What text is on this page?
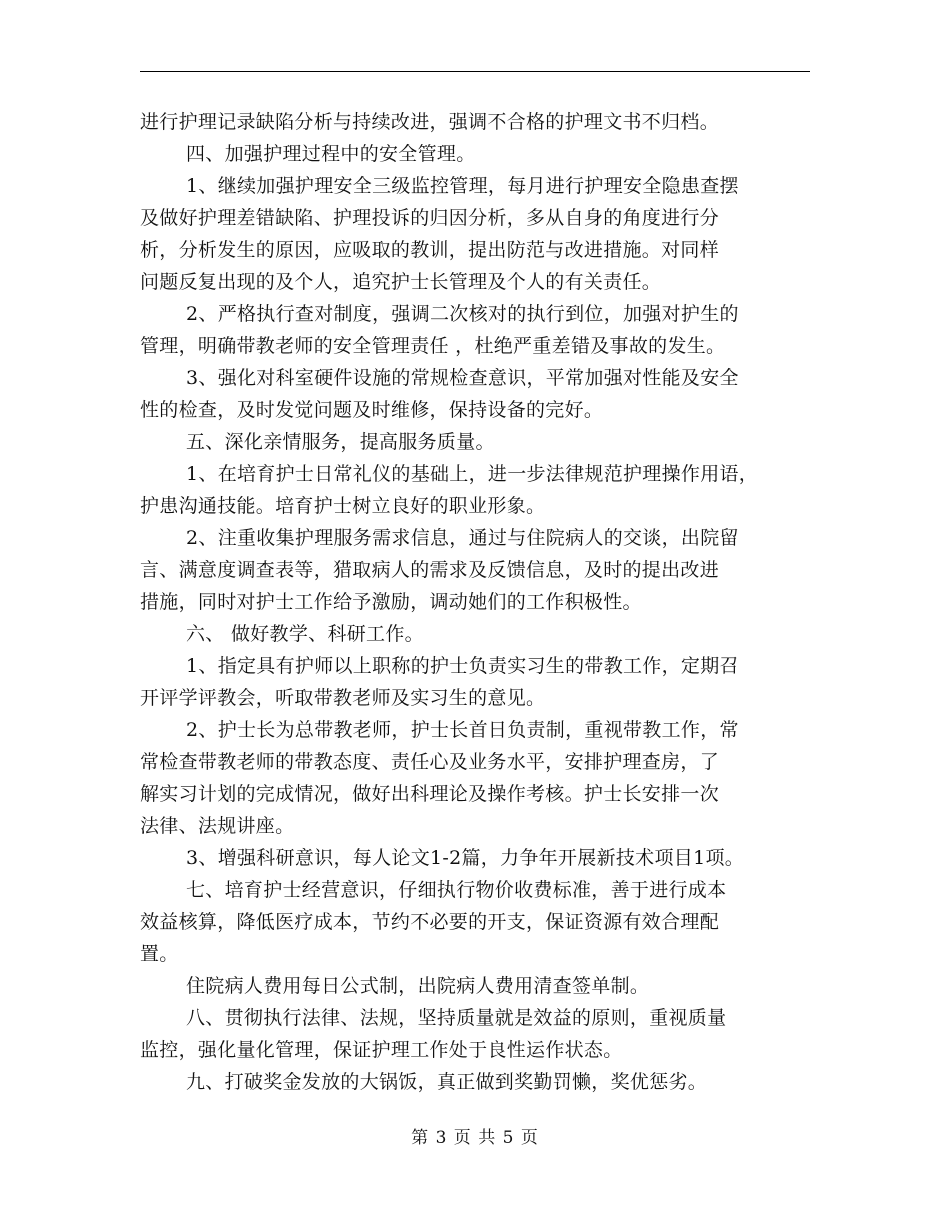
进行护理记录缺陷分析与持续改进，强调不合格的护理文书不归档。
四、加强护理过程中的安全管理。
1、继续加强护理安全三级监控管理，每月进行护理安全隐患查摆
及做好护理差错缺陷、护理投诉的归因分析，多从自身的角度进行分
析，分析发生的原因，应吸取的教训，提出防范与改进措施。对同样
问题反复出现的及个人，追究护士长管理及个人的有关责任。
2、严格执行查对制度，强调二次核对的执行到位，加强对护生的
管理，明确带教老师的安全管理责任 ，杜绝严重差错及事故的发生。
3、强化对科室硬件设施的常规检查意识，平常加强对性能及安全
性的检查，及时发觉问题及时维修，保持设备的完好。
五、深化亲情服务，提高服务质量。
1、在培育护士日常礼仪的基础上，进一步法律规范护理操作用语，
护患沟通技能。培育护士树立良好的职业形象。
2、注重收集护理服务需求信息，通过与住院病人的交谈，出院留
言、满意度调查表等，猎取病人的需求及反馈信息，及时的提出改进
措施，同时对护士工作给予激励，调动她们的工作积极性。
六、 做好教学、科研工作。
1、指定具有护师以上职称的护士负责实习生的带教工作，定期召
开评学评教会，听取带教老师及实习生的意见。
2、护士长为总带教老师，护士长首日负责制，重视带教工作，常
常检查带教老师的带教态度、责任心及业务水平，安排护理查房，了
解实习计划的完成情况，做好出科理论及操作考核。护士长安排一次
法律、法规讲座。
3、增强科研意识，每人论文1-2篇，力争年开展新技术项目1项。
七、培育护士经营意识，仔细执行物价收费标准，善于进行成本
效益核算，降低医疗成本，节约不必要的开支，保证资源有效合理配
置。
住院病人费用每日公式制，出院病人费用清查签单制。
八、贯彻执行法律、法规，坚持质量就是效益的原则，重视质量
监控，强化量化管理，保证护理工作处于良性运作状态。
九、打破奖金发放的大锅饭，真正做到奖勤罚懒，奖优惩劣。
第 3 页 共 5 页
